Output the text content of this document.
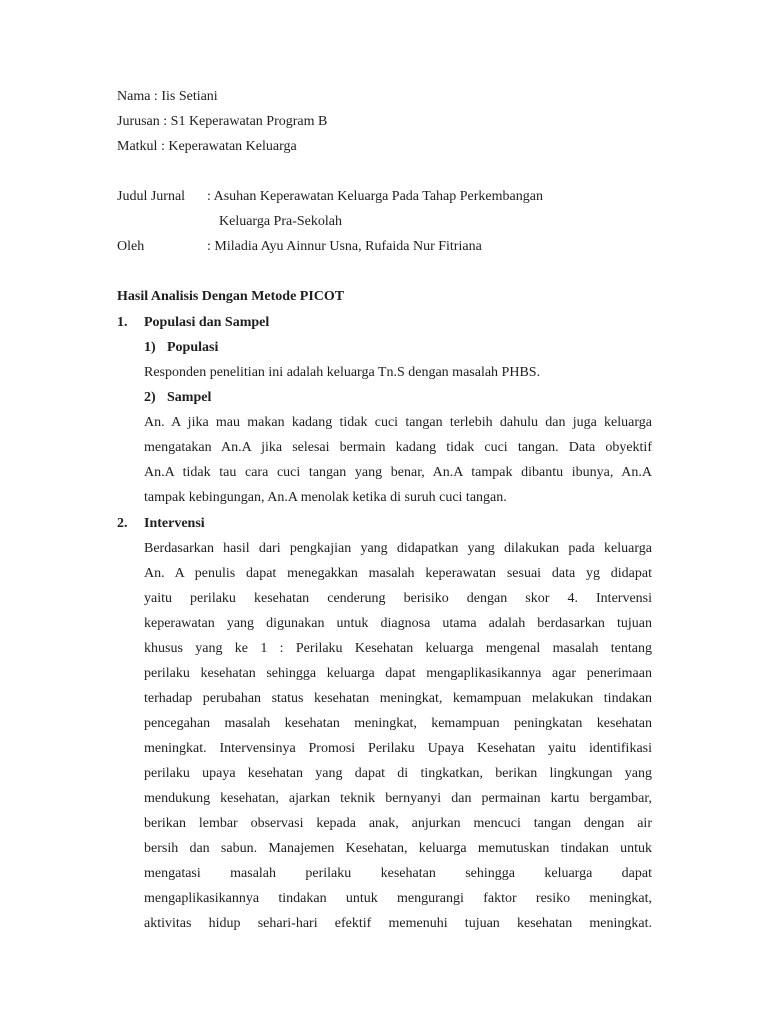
Nama : Iis Setiani
Jurusan : S1 Keperawatan Program B
Matkul : Keperawatan Keluarga
Judul Jurnal : Asuhan Keperawatan Keluarga Pada Tahap Perkembangan
Keluarga Pra-Sekolah
Oleh	: Miladia Ayu Ainnur Usna, Rufaida Nur Fitriana
Hasil Analisis Dengan Metode PICOT
1. Populasi dan Sampel
1) Populasi
Responden penelitian ini adalah keluarga Tn.S dengan masalah PHBS.
2) Sampel
An. A jika mau makan kadang tidak cuci tangan terlebih dahulu dan juga keluarga
mengatakan An.A jika selesai bermain kadang tidak cuci tangan. Data obyektif
An.A tidak tau cara cuci tangan yang benar, An.A tampak dibantu ibunya, An.A
tampak kebingungan, An.A menolak ketika di suruh cuci tangan.
2. Intervensi
Berdasarkan hasil dari pengkajian yang didapatkan yang dilakukan pada keluarga
An. A penulis dapat menegakkan masalah keperawatan sesuai data yg didapat
yaitu perilaku kesehatan cenderung berisiko dengan skor 4. Intervensi
keperawatan yang digunakan untuk diagnosa utama adalah berdasarkan tujuan
khusus yang ke 1 : Perilaku Kesehatan keluarga mengenal masalah tentang
perilaku kesehatan sehingga keluarga dapat mengaplikasikannya agar penerimaan
terhadap perubahan status kesehatan meningkat, kemampuan melakukan tindakan
pencegahan masalah kesehatan meningkat, kemampuan peningkatan kesehatan
meningkat. Intervensinya Promosi Perilaku Upaya Kesehatan yaitu identifikasi
perilaku upaya kesehatan yang dapat di tingkatkan, berikan lingkungan yang
mendukung kesehatan, ajarkan teknik bernyanyi dan permainan kartu bergambar,
berikan lembar observasi kepada anak, anjurkan mencuci tangan dengan air
bersih dan sabun. Manajemen Kesehatan, keluarga memutuskan tindakan untuk
mengatasi masalah perilaku kesehatan sehingga keluarga dapat
mengaplikasikannya tindakan untuk mengurangi faktor resiko meningkat,
aktivitas hidup sehari-hari efektif memenuhi tujuan kesehatan meningkat.
